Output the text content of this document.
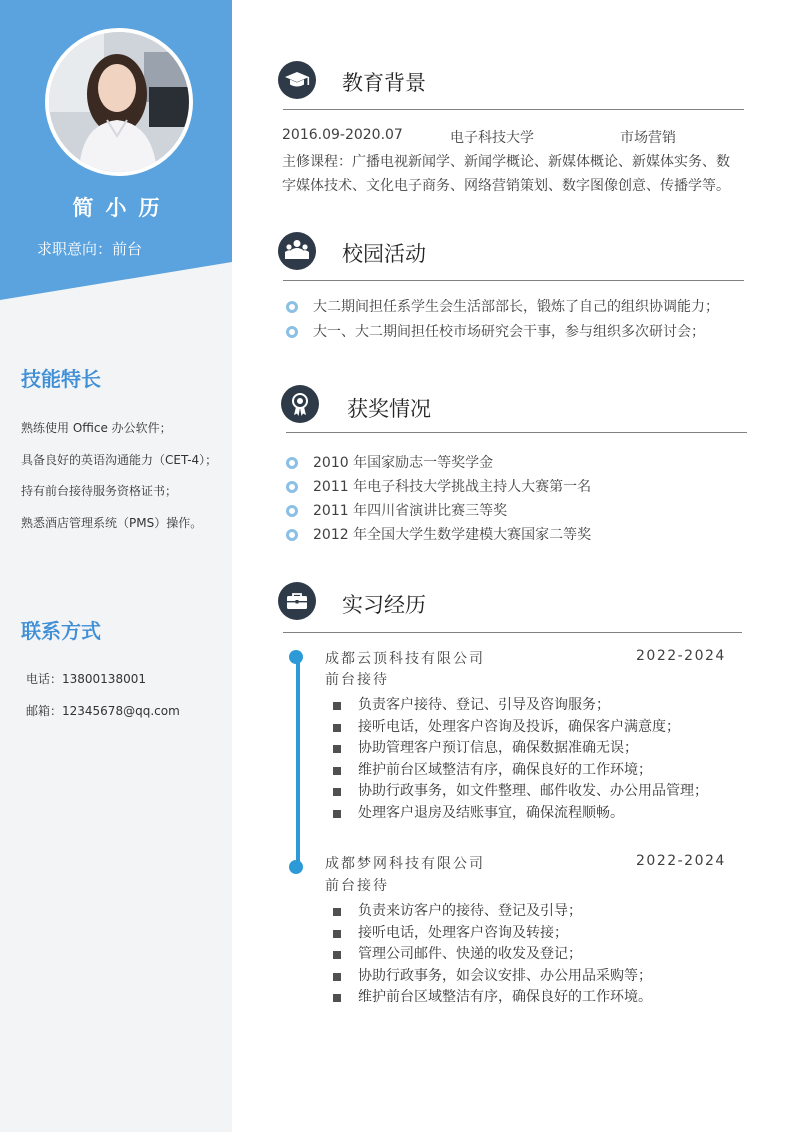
简小历
求职意向：前台
技能特长
熟练使用 Office 办公软件；
具备良好的英语沟通能力（CET-4）；
持有前台接待服务资格证书；
熟悉酒店管理系统（PMS）操作。
联系方式
电话：13800138001
邮箱：12345678@qq.com
教育背景
2016.09-2020.07	电子科技大学	市场营销
主修课程：广播电视新闻学、新闻学概论、新媒体概论、新媒体实务、数字媒体技术、文化电子商务、网络营销策划、数字图像创意、传播学等。
校园活动
大二期间担任系学生会生活部部长，锻炼了自己的组织协调能力；
大一、大二期间担任校市场研究会干事，参与组织多次研讨会；
获奖情况
2010 年国家励志一等奖学金
2011 年电子科技大学挑战主持人大赛第一名
2011 年四川省演讲比赛三等奖
2012 年全国大学生数学建模大赛国家二等奖
实习经历
成都云顶科技有限公司	2022-2024
前台接待
负责客户接待、登记、引导及咨询服务；
接听电话，处理客户咨询及投诉，确保客户满意度；
协助管理客户预订信息，确保数据准确无误；
维护前台区域整洁有序，确保良好的工作环境；
协助行政事务，如文件整理、邮件收发、办公用品管理；
处理客户退房及结账事宜，确保流程顺畅。
成都梦网科技有限公司	2022-2024
前台接待
负责来访客户的接待、登记及引导；
接听电话，处理客户咨询及转接；
管理公司邮件、快递的收发及登记；
协助行政事务，如会议安排、办公用品采购等；
维护前台区域整洁有序，确保良好的工作环境。
